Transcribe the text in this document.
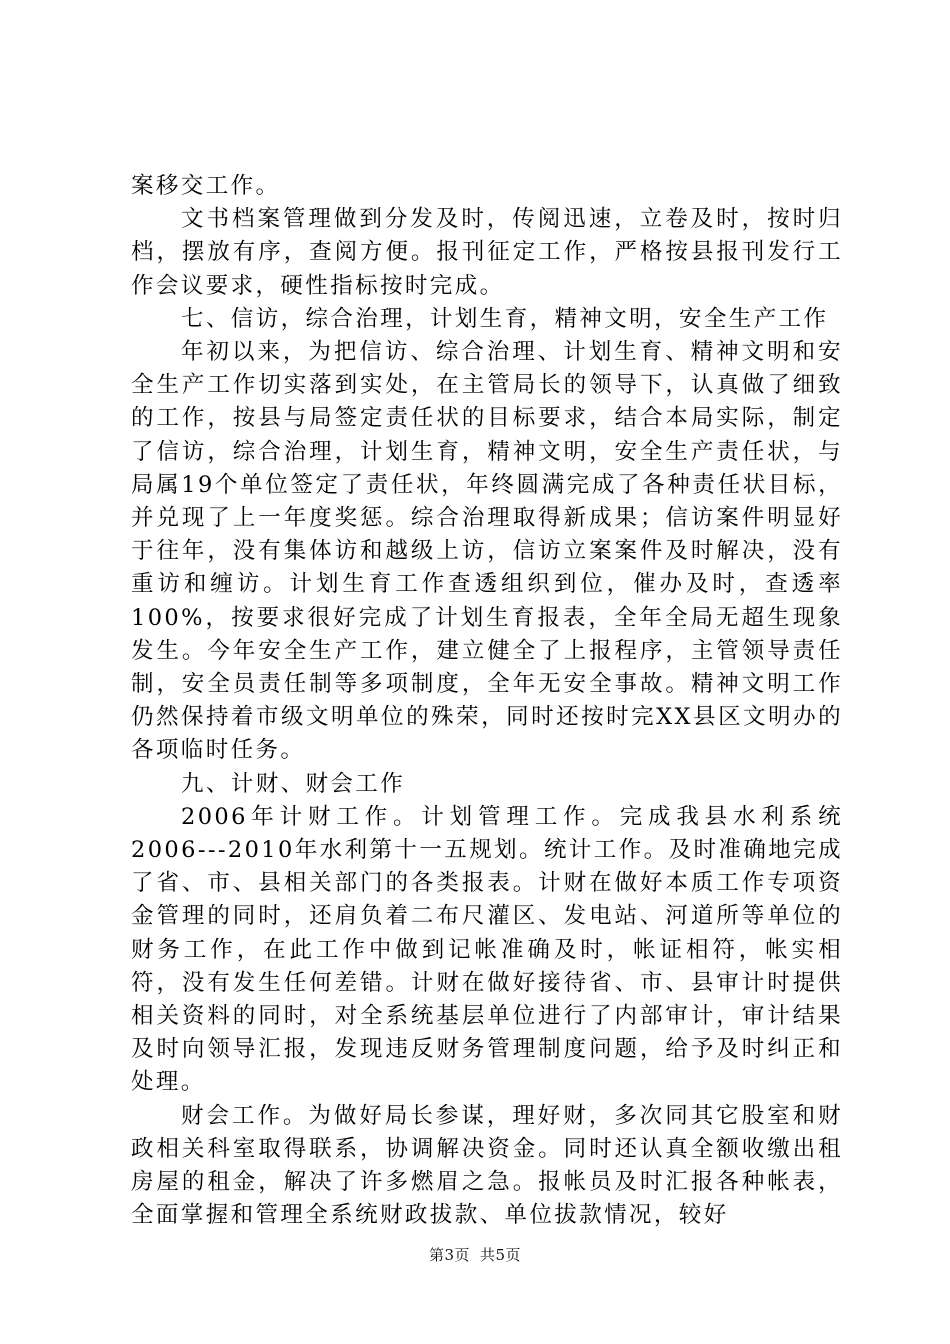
案移交工作。

文书档案管理做到分发及时，传阅迅速，立卷及时，按时归档，摆放有序，查阅方便。报刊征定工作，严格按县报刊发行工作会议要求，硬性指标按时完成。

七、信访，综合治理，计划生育，精神文明，安全生产工作

年初以来，为把信访、综合治理、计划生育、精神文明和安全生产工作切实落到实处，在主管局长的领导下，认真做了细致的工作，按县与局签定责任状的目标要求，结合本局实际，制定了信访，综合治理，计划生育，精神文明，安全生产责任状，与局属19个单位签定了责任状，年终圆满完成了各种责任状目标，并兑现了上一年度奖惩。综合治理取得新成果；信访案件明显好于往年，没有集体访和越级上访，信访立案案件及时解决，没有重访和缠访。计划生育工作查透组织到位，催办及时，查透率100%，按要求很好完成了计划生育报表，全年全局无超生现象发生。今年安全生产工作，建立健全了上报程序，主管领导责任制，安全员责任制等多项制度，全年无安全事故。精神文明工作仍然保持着市级文明单位的殊荣，同时还按时完XX县区文明办的各项临时任务。

九、计财、财会工作

2006年计财工作。计划管理工作。完成我县水利系统2006---2010年水利第十一五规划。统计工作。及时准确地完成了省、市、县相关部门的各类报表。计财在做好本质工作专项资金管理的同时，还肩负着二布尺灌区、发电站、河道所等单位的财务工作，在此工作中做到记帐准确及时，帐证相符，帐实相符，没有发生任何差错。计财在做好接待省、市、县审计时提供相关资料的同时，对全系统基层单位进行了内部审计，审计结果及时向领导汇报，发现违反财务管理制度问题，给予及时纠正和处理。

财会工作。为做好局长参谋，理好财，多次同其它股室和财政相关科室取得联系，协调解决资金。同时还认真全额收缴出租房屋的租金，解决了许多燃眉之急。报帐员及时汇报各种帐表，全面掌握和管理全系统财政拔款、单位拔款情况，较好

第3页 共5页
